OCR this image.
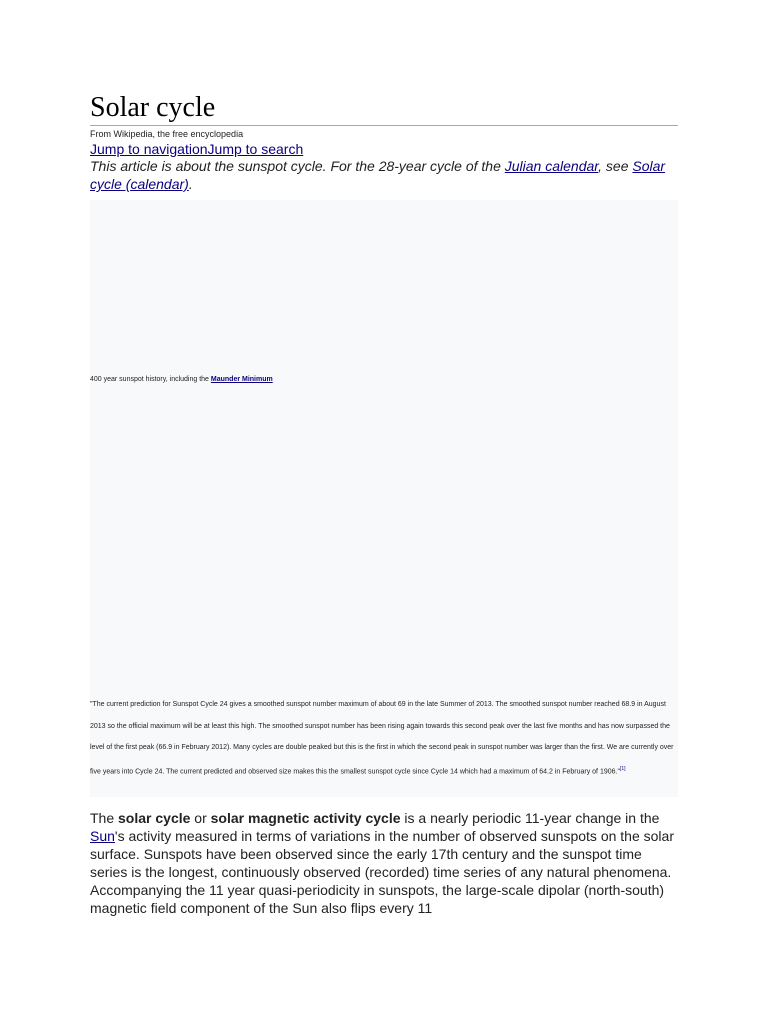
Solar cycle
From Wikipedia, the free encyclopedia
Jump to navigationJump to search
This article is about the sunspot cycle. For the 28-year cycle of the Julian calendar, see Solar cycle (calendar).
400 year sunspot history, including the Maunder Minimum
"The current prediction for Sunspot Cycle 24 gives a smoothed sunspot number maximum of about 69 in the late Summer of 2013. The smoothed sunspot number reached 68.9 in August 2013 so the official maximum will be at least this high. The smoothed sunspot number has been rising again towards this second peak over the last five months and has now surpassed the level of the first peak (66.9 in February 2012). Many cycles are double peaked but this is the first in which the second peak in sunspot number was larger than the first. We are currently over five years into Cycle 24. The current predicted and observed size makes this the smallest sunspot cycle since Cycle 14 which had a maximum of 64.2 in February of 1906."[1]

The solar cycle or solar magnetic activity cycle is a nearly periodic 11-year change in the Sun's activity measured in terms of variations in the number of observed sunspots on the solar surface. Sunspots have been observed since the early 17th century and the sunspot time series is the longest, continuously observed (recorded) time series of any natural phenomena. Accompanying the 11 year quasi-periodicity in sunspots, the large-scale dipolar (north-south) magnetic field component of the Sun also flips every 11
